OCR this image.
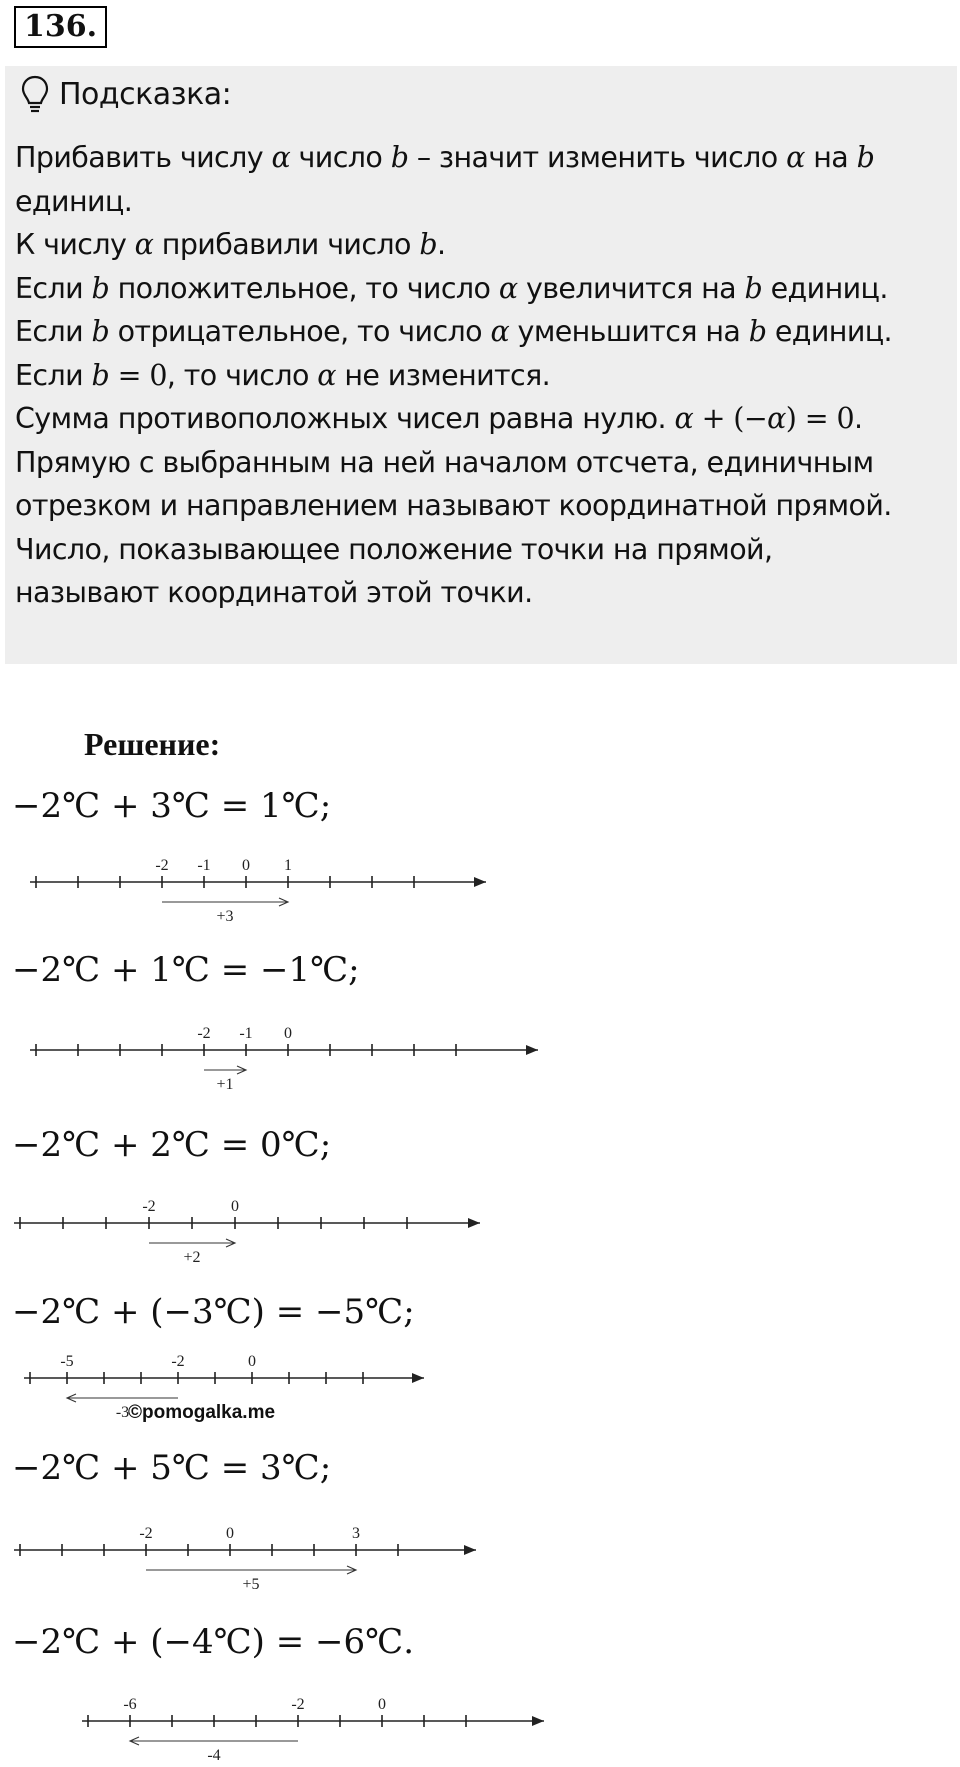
136.
Подсказка:
Прибавить числу α число b – значит изменить число α на b
единиц.
К числу α прибавили число b.
Если b положительное, то число α увеличится на b единиц.
Если b отрицательное, то число α уменьшится на b единиц.
Если b = 0, то число α не изменится.
Сумма противоположных чисел равна нулю. α + (−α) = 0.
Прямую с выбранным на ней началом отсчета, единичным
отрезком и направлением называют координатной прямой.
Число, показывающее положение точки на прямой,
называют координатой этой точки.
Решение:
−2℃ + 3℃ = 1℃;
-2 -1 0 1
+3
−2℃ + 1℃ = −1℃;
-2 -1 0
+1
−2℃ + 2℃ = 0℃;
-2	0
+2
−2℃ + (−3℃) = −5℃;
-5	-2	0
-3
−2℃ + 5℃ = 3℃;
-2	0	3
+5
−2℃ + (−4℃) = −6℃.
-6	-2	0
-4
©pomogalka.me
